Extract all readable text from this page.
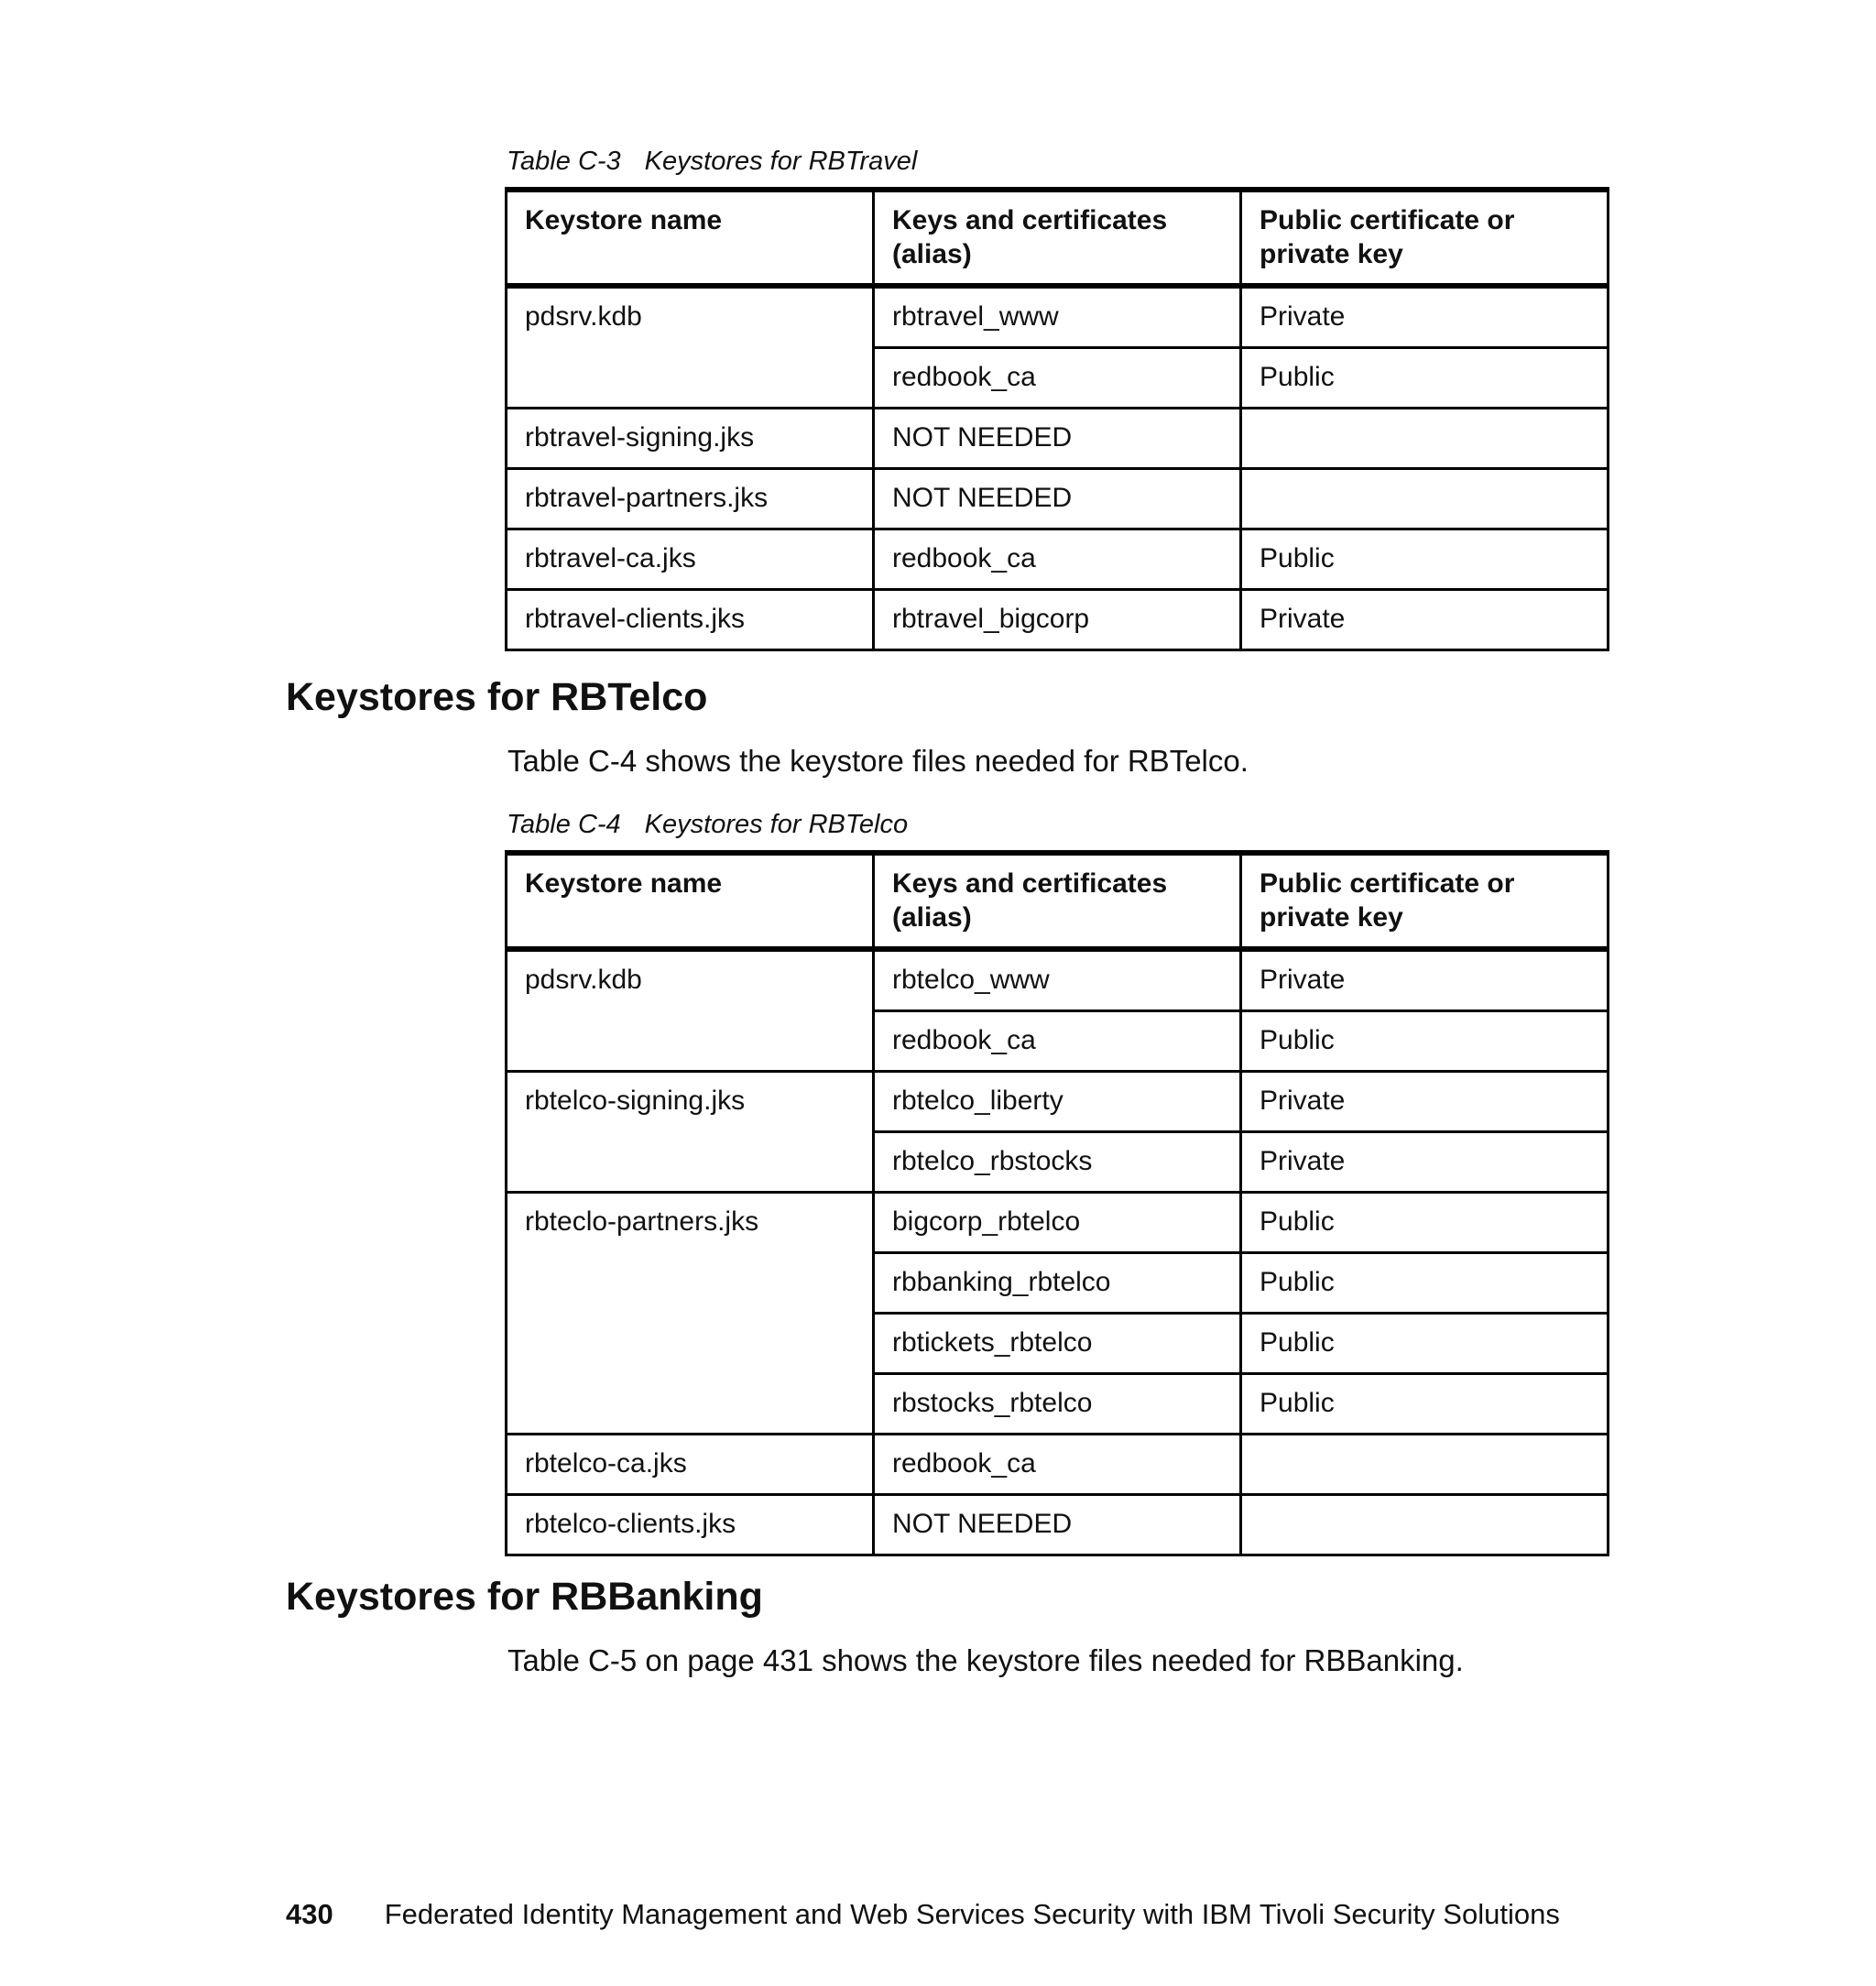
Table C-3 Keystores for RBTravel
Keystore name	Keys and certificates (alias)	Public certificate or private key
pdsrv.kdb	rbtravel_www	Private
	redbook_ca	Public
rbtravel-signing.jks	NOT NEEDED	
rbtravel-partners.jks	NOT NEEDED	
rbtravel-ca.jks	redbook_ca	Public
rbtravel-clients.jks	rbtravel_bigcorp	Private
Keystores for RBTelco

Table C-4 shows the keystore files needed for RBTelco.

Table C-4 Keystores for RBTelco
Keystore name	Keys and certificates (alias)	Public certificate or private key
pdsrv.kdb	rbtelco_www	Private
	redbook_ca	Public
rbtelco-signing.jks	rbtelco_liberty	Private
	rbtelco_rbstocks	Private
rbteclo-partners.jks	bigcorp_rbtelco	Public
	rbbanking_rbtelco	Public
	rbtickets_rbtelco	Public
	rbstocks_rbtelco	Public
rbtelco-ca.jks	redbook_ca	
rbtelco-clients.jks	NOT NEEDED	
Keystores for RBBanking

Table C-5 on page 431 shows the keystore files needed for RBBanking.

430 Federated Identity Management and Web Services Security with IBM Tivoli Security Solutions
